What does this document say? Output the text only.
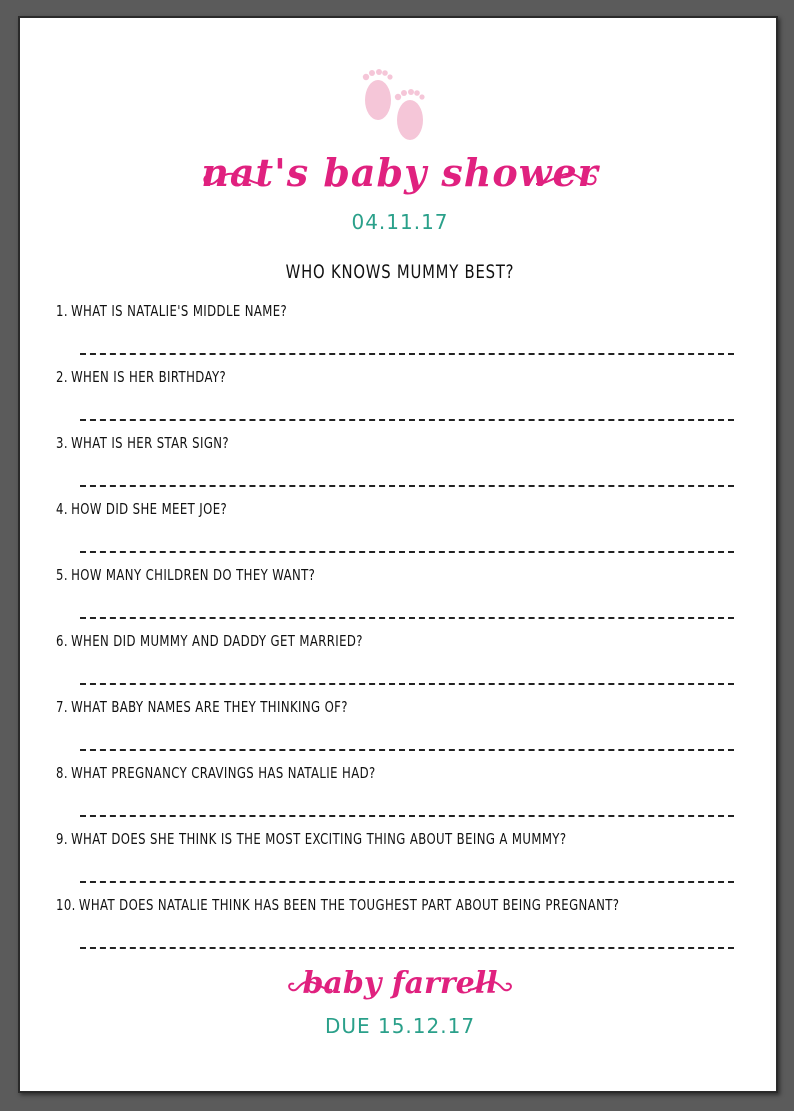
nat's baby shower
04.11.17
WHO KNOWS MUMMY BEST?
1. WHAT IS NATALIE'S MIDDLE NAME?
2. WHEN IS HER BIRTHDAY?
3. WHAT IS HER STAR SIGN?
4. HOW DID SHE MEET JOE?
5. HOW MANY CHILDREN DO THEY WANT?
6. WHEN DID MUMMY AND DADDY GET MARRIED?
7. WHAT BABY NAMES ARE THEY THINKING OF?
8. WHAT PREGNANCY CRAVINGS HAS NATALIE HAD?
9. WHAT DOES SHE THINK IS THE MOST EXCITING THING ABOUT BEING A MUMMY?
10. WHAT DOES NATALIE THINK HAS BEEN THE TOUGHEST PART ABOUT BEING PREGNANT?
baby farrell
DUE 15.12.17
